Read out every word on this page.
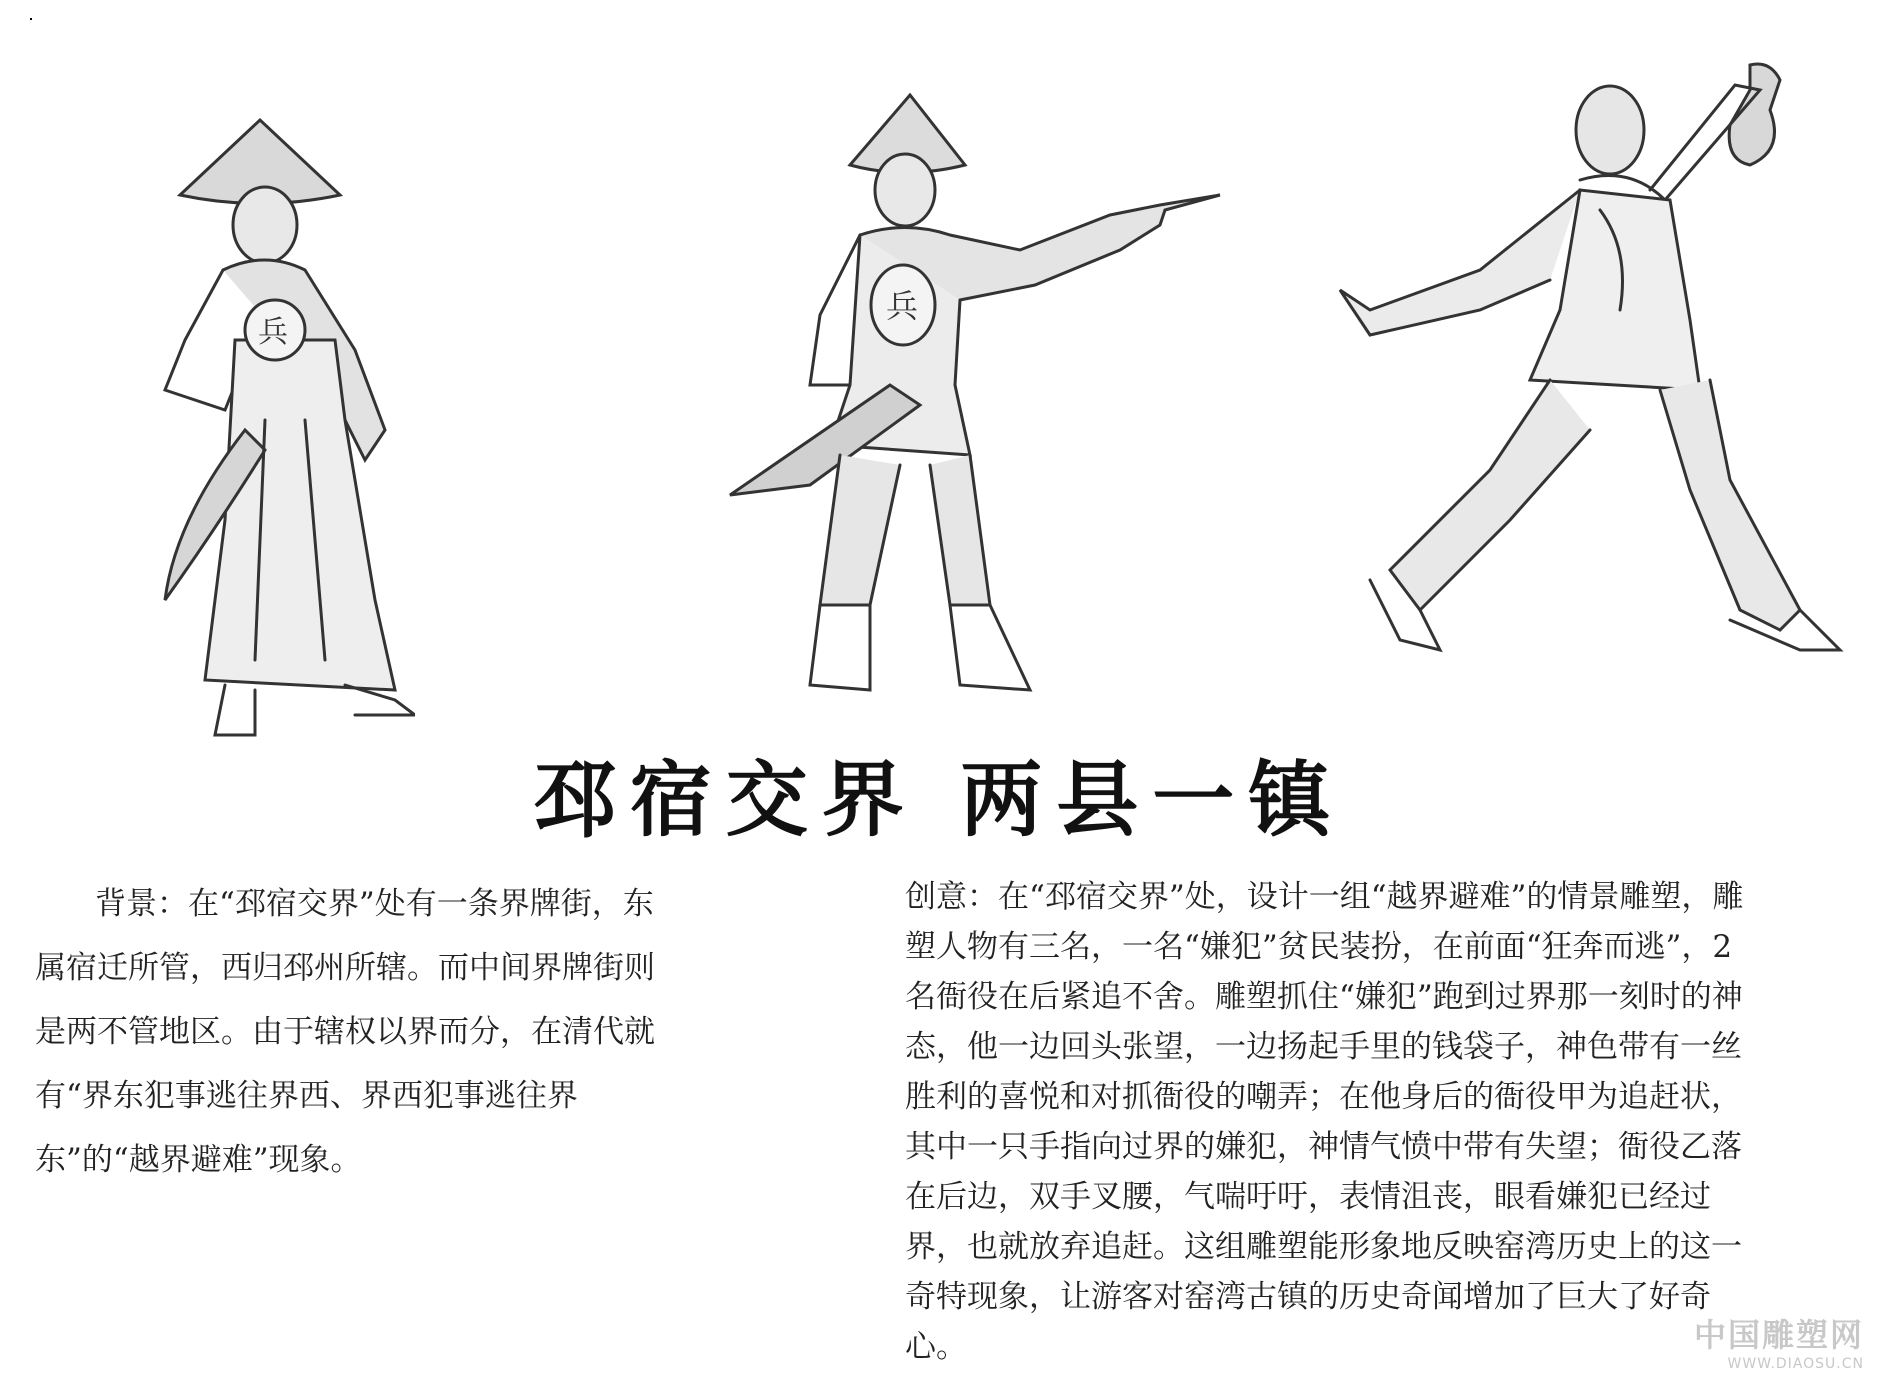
兵
兵
邳宿交界 两县一镇

背景：在“邳宿交界”处有一条界牌街，东属宿迁所管，西归邳州所辖。而中间界牌街则是两不管地区。由于辖权以界而分，在清代就有“界东犯事逃往界西、界西犯事逃往界东”的“越界避难”现象。

创意：在“邳宿交界”处，设计一组“越界避难”的情景雕塑，雕塑人物有三名，一名“嫌犯”贫民装扮，在前面“狂奔而逃”，2名衙役在后紧追不舍。雕塑抓住“嫌犯”跑到过界那一刻时的神态，他一边回头张望，一边扬起手里的钱袋子，神色带有一丝胜利的喜悦和对抓衙役的嘲弄；在他身后的衙役甲为追赶状，其中一只手指向过界的嫌犯，神情气愤中带有失望；衙役乙落在后边，双手叉腰，气喘吁吁，表情沮丧，眼看嫌犯已经过界，也就放弃追赶。这组雕塑能形象地反映窑湾历史上的这一奇特现象，让游客对窑湾古镇的历史奇闻增加了巨大了好奇心。	中国雕塑网
WWW.DIAOSU.CN
